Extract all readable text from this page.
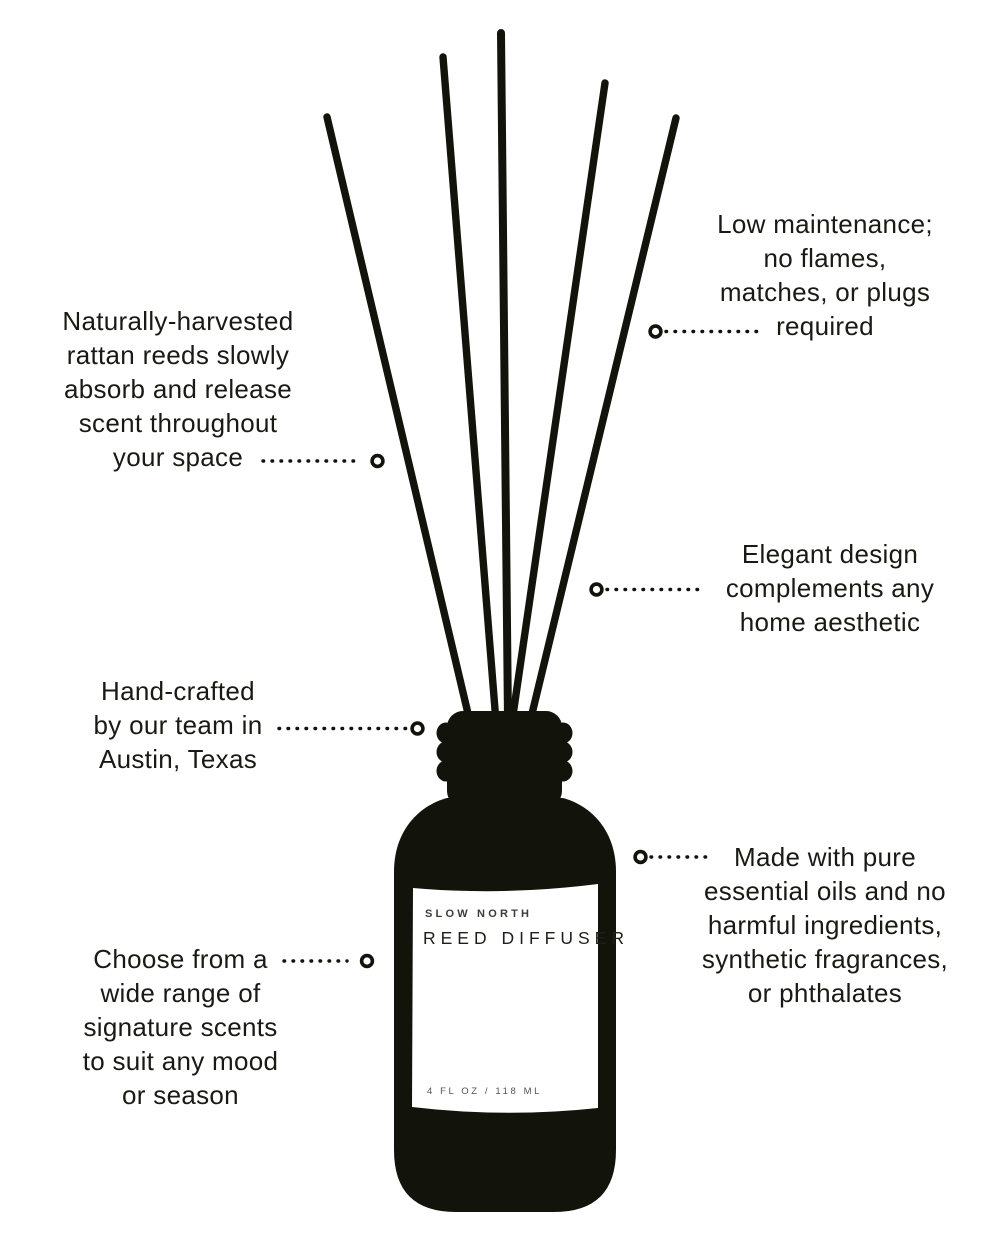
SLOW NORTH
REED DIFFUSER
4 FL OZ / 118 ML
Naturally-harvested
rattan reeds slowly
absorb and release
scent throughout
your space
Low maintenance;
no flames,
matches, or plugs
required
Elegant design
complements any
home aesthetic
Hand-crafted
by our team in
Austin, Texas
Made with pure
essential oils and no
harmful ingredients,
synthetic fragrances,
or phthalates
Choose from a
wide range of
signature scents
to suit any mood
or season
